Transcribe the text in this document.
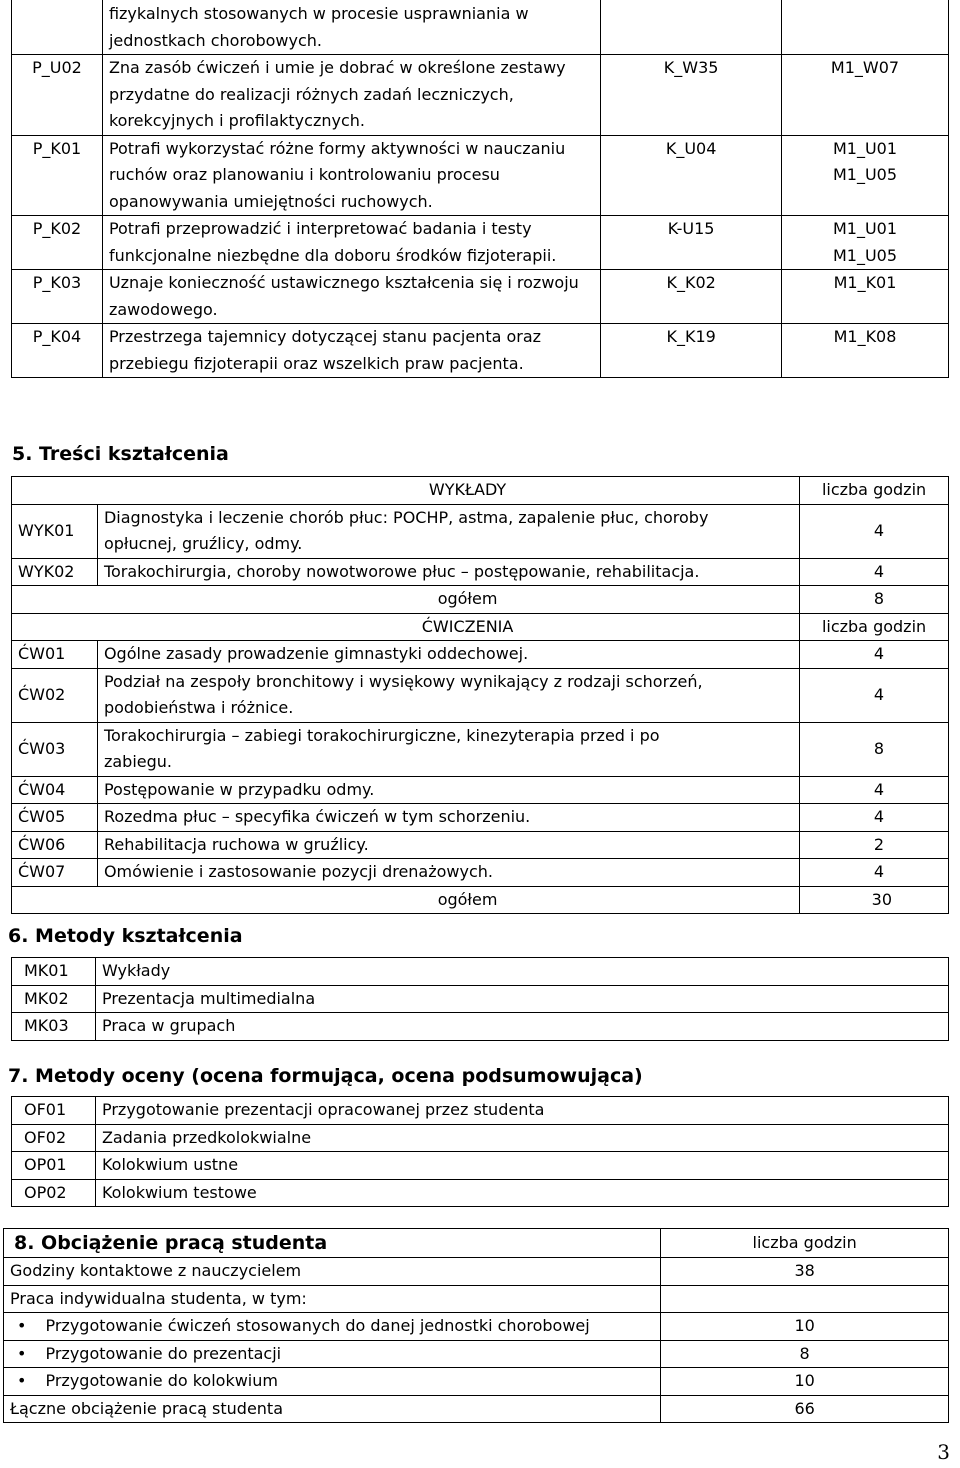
	fizykalnych stosowanych w procesie usprawniania w jednostkach chorobowych.		
P_U02	Zna zasób ćwiczeń i umie je dobrać w określone zestawy przydatne do realizacji różnych zadań leczniczych, korekcyjnych i profilaktycznych.	K_W35	M1_W07
P_K01	Potrafi wykorzystać różne formy aktywności w nauczaniu ruchów oraz planowaniu i kontrolowaniu procesu opanowywania umiejętności ruchowych.	K_U04	M1_U01 M1_U05
P_K02	Potrafi przeprowadzić i interpretować badania i testy funkcjonalne niezbędne dla doboru środków fizjoterapii.	K-U15	M1_U01 M1_U05
P_K03	Uznaje konieczność ustawicznego kształcenia się i rozwoju zawodowego.	K_K02	M1_K01
P_K04	Przestrzega tajemnicy dotyczącej stanu pacjenta oraz przebiegu fizjoterapii oraz wszelkich praw pacjenta.	K_K19	M1_K08
5. Treści kształcenia
WYKŁADY		liczba godzin
WYK01	Diagnostyka i leczenie chorób płuc: POCHP, astma, zapalenie płuc, choroby opłucnej, gruźlicy, odmy.	4
WYK02	Torakochirurgia, choroby nowotworowe płuc – postępowanie, rehabilitacja.	4
ogółem		8
ĆWICZENIA		liczba godzin
ĆW01	Ogólne zasady prowadzenie gimnastyki oddechowej.	4
ĆW02	Podział na zespoły bronchitowy i wysiękowy wynikający z rodzaji schorzeń, podobieństwa i różnice.	4
ĆW03	Torakochirurgia – zabiegi torakochirurgiczne, kinezyterapia przed i po zabiegu.	8
ĆW04	Postępowanie w przypadku odmy.	4
ĆW05	Rozedma płuc – specyfika ćwiczeń w tym schorzeniu.	4
ĆW06	Rehabilitacja ruchowa w gruźlicy.	2
ĆW07	Omówienie i zastosowanie pozycji drenażowych.	4
ogółem		30
6. Metody kształcenia
MK01	Wykłady
MK02	Prezentacja multimedialna
MK03	Praca w grupach
7. Metody oceny (ocena formująca, ocena podsumowująca)
OF01	Przygotowanie prezentacji opracowanej przez studenta
OF02	Zadania przedkolokwialne
OP01	Kolokwium ustne
OP02	Kolokwium testowe
8. Obciążenie pracą studenta		liczba godzin
Godziny kontaktowe z nauczycielem		38
Praca indywidualna studenta, w tym:		
•	Przygotowanie ćwiczeń stosowanych do danej jednostki chorobowej	10
•	Przygotowanie do prezentacji	8
•	Przygotowanie do kolokwium	10
Łączne obciążenie pracą studenta		66
3
